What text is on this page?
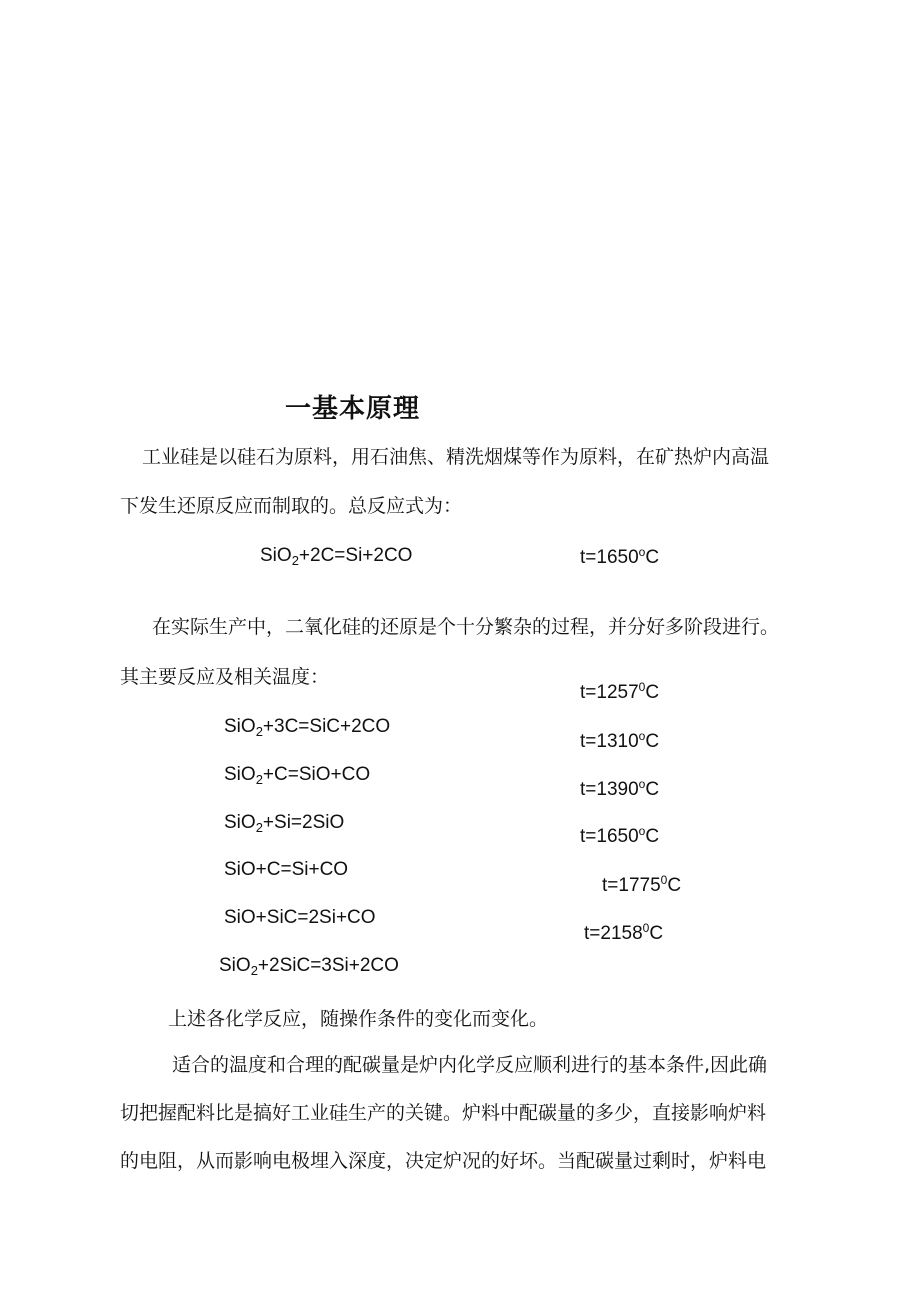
一基本原理
工业硅是以硅石为原料，用石油焦、精洗烟煤等作为原料，在矿热炉内高温
下发生还原反应而制取的。总反应式为：
SiO$_2$+2C=Si+2CO	$t=1650^oC$
在实际生产中，二氧化硅的还原是个十分繁杂的过程，并分好多阶段进行。
其主要反应及相关温度：
SiO$_2$+3C=SiC+2CO
SiO$_2$+C=SiO+CO
SiO$_2$+Si=2SiO
SiO+C=Si+CO
SiO+SiC=2Si+CO
SiO$_2$+2SiC=3Si+2CO
$t=1257^0C$
$t=1310^oC$
$t=1390^oC$
$t=1650^oC$
$t=1775^0C$
$t=2158^0C$
上述各化学反应，随操作条件的变化而变化。
适合的温度和合理的配碳量是炉内化学反应顺利进行的基本条件,因此确
切把握配料比是搞好工业硅生产的关键。炉料中配碳量的多少，直接影响炉料
的电阻，从而影响电极埋入深度，决定炉况的好坏。当配碳量过剩时，炉料电
